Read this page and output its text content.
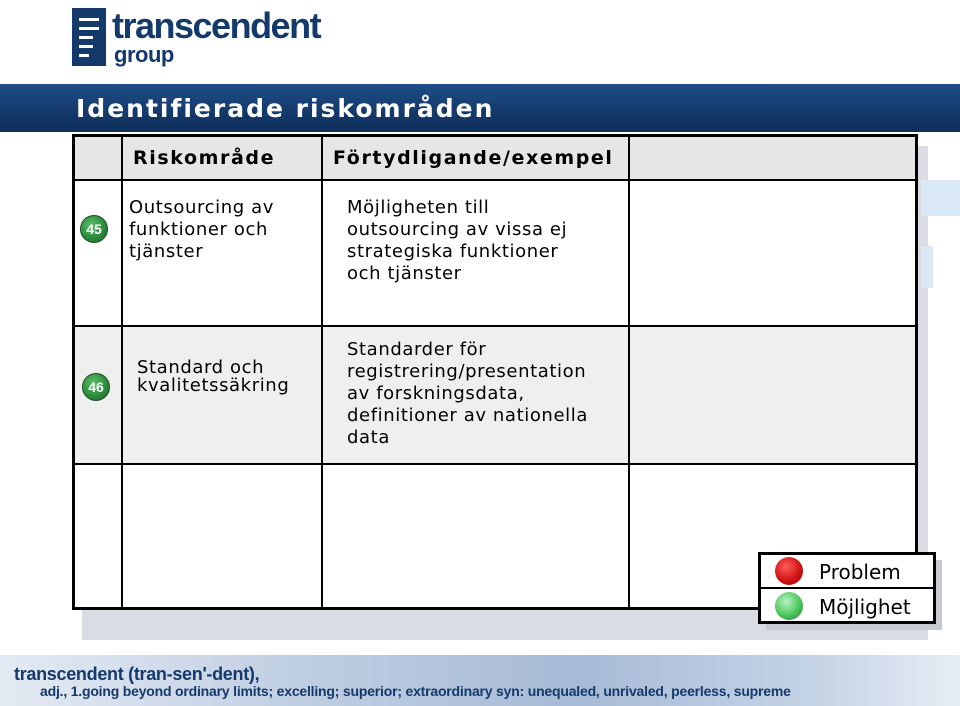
transcendent
group
Identifierade riskområden
Riskområde	Förtydligande/exempel
45
Outsourcing av
funktioner och
tjänster
Möjligheten till
outsourcing av vissa ej
strategiska funktioner
och tjänster
46
Standard och
kvalitetssäkring
Standarder för
registrering/presentation
av forskningsdata,
definitioner av nationella
data
Problem
Möjlighet
transcendent (tran-sen'-dent),
adj., 1.going beyond ordinary limits; excelling; superior; extraordinary syn: unequaled, unrivaled, peerless, supreme
